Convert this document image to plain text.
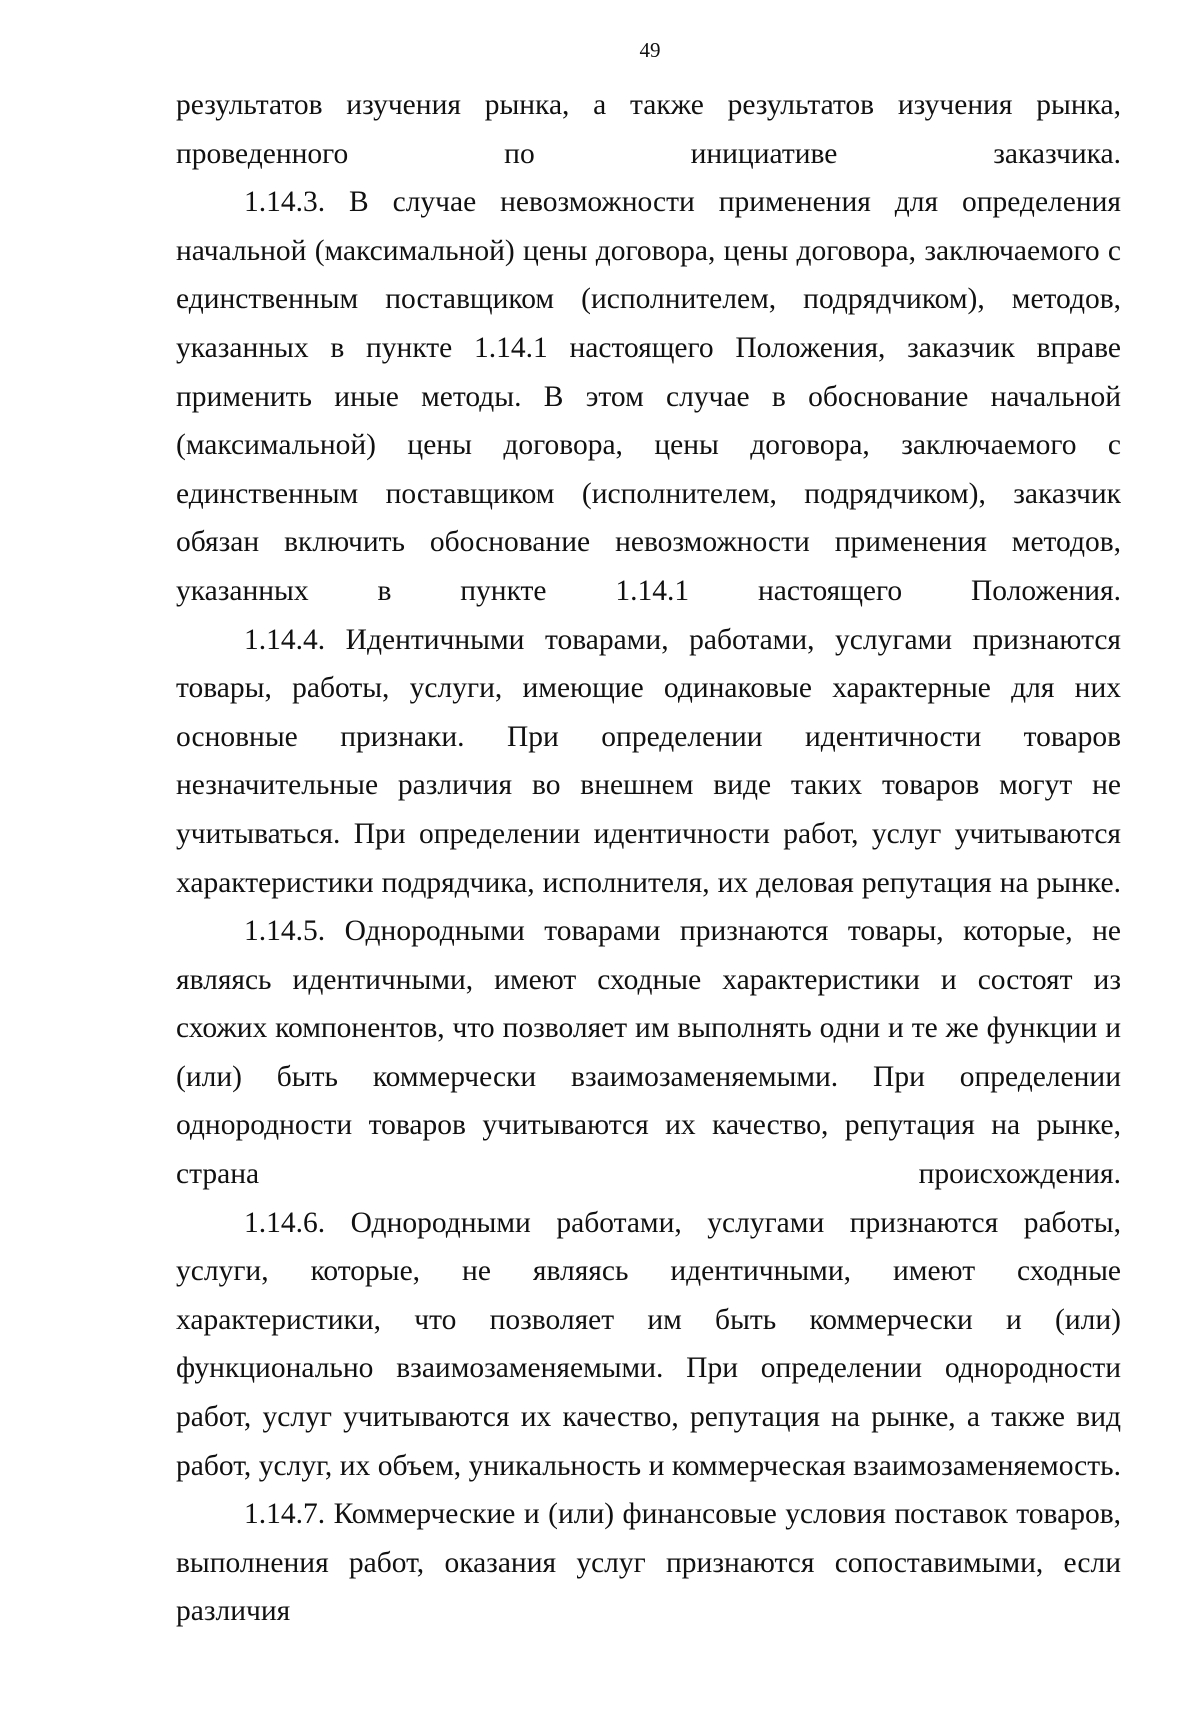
49

результатов изучения рынка, а также результатов изучения рынка, проведенного по инициативе заказчика.

1.14.3. В случае невозможности применения для определения начальной (максимальной) цены договора, цены договора, заключаемого с единственным поставщиком (исполнителем, подрядчиком), методов, указанных в пункте 1.14.1 настоящего Положения, заказчик вправе применить иные методы. В этом случае в обоснование начальной (максимальной) цены договора, цены договора, заключаемого с единственным поставщиком (исполнителем, подрядчиком), заказчик обязан включить обоснование невозможности применения методов, указанных в пункте 1.14.1 настоящего Положения.

1.14.4. Идентичными товарами, работами, услугами признаются товары, работы, услуги, имеющие одинаковые характерные для них основные признаки. При определении идентичности товаров незначительные различия во внешнем виде таких товаров могут не учитываться. При определении идентичности работ, услуг учитываются характеристики подрядчика, исполнителя, их деловая репутация на рынке.

1.14.5. Однородными товарами признаются товары, которые, не являясь идентичными, имеют сходные характеристики и состоят из схожих компонентов, что позволяет им выполнять одни и те же функции и (или) быть коммерчески взаимозаменяемыми. При определении однородности товаров учитываются их качество, репутация на рынке, страна	происхождения.

1.14.6. Однородными работами, услугами признаются работы, услуги, которые, не являясь идентичными, имеют сходные характеристики, что позволяет им быть коммерчески и (или) функционально взаимозаменяемыми. При определении однородности работ, услуг учитываются их качество, репутация на рынке, а также вид работ, услуг, их объем, уникальность и коммерческая взаимозаменяемость.

1.14.7. Коммерческие и (или) финансовые условия поставок товаров, выполнения работ, оказания услуг признаются сопоставимыми, если различия
